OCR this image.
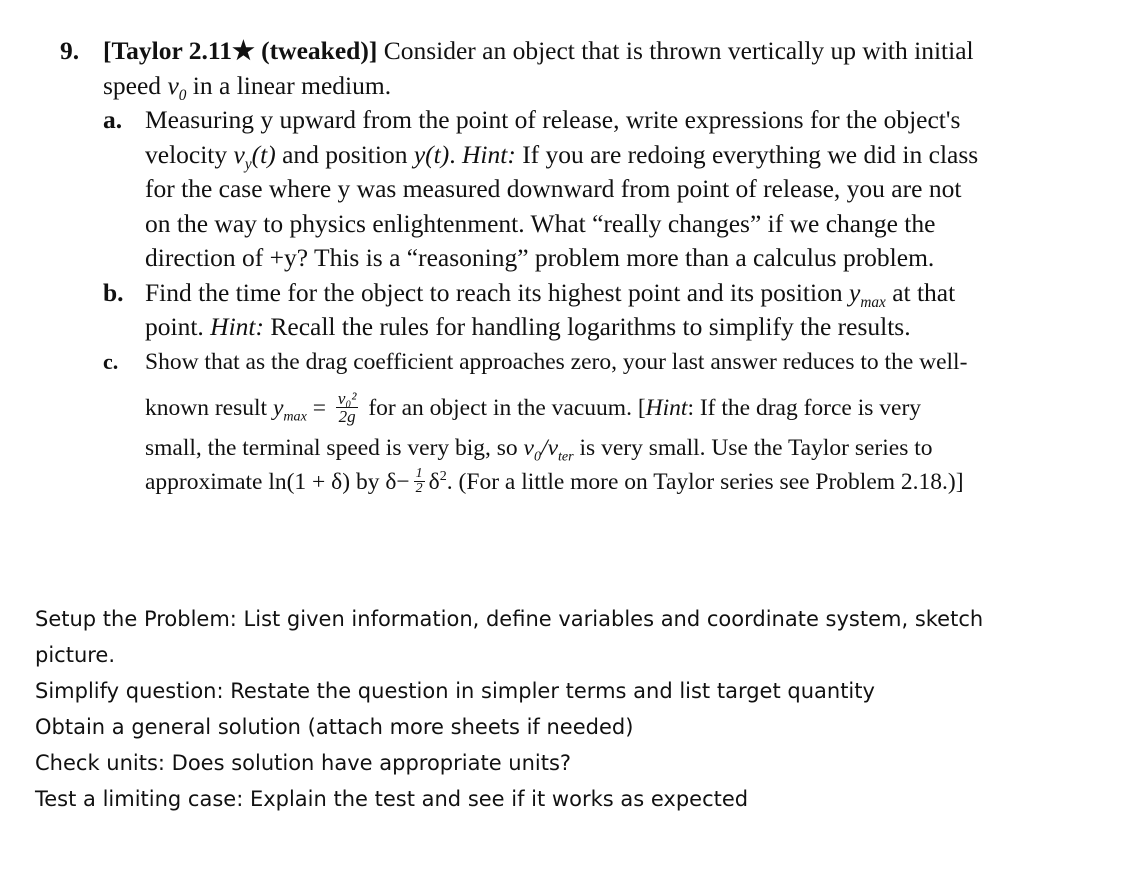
9. [Taylor 2.11★ (tweaked)] Consider an object that is thrown vertically up with initial
speed $v_0$ in a linear medium.
a. Measuring y upward from the point of release, write expressions for the object's
velocity $v_y(t)$ and position y(t). Hint: If you are redoing everything we did in class
for the case where y was measured downward from point of release, you are not
on the way to physics enlightenment. What “really changes” if we change the
direction of +y? This is a “reasoning” problem more than a calculus problem.
b. Find the time for the object to reach its highest point and its position $y_{max}$ at that
point. Hint: Recall the rules for handling logarithms to simplify the results.
c. Show that as the drag coefficient approaches zero, your last answer reduces to the well-
known result $y_{max} = \frac{\text{v₀²}}{2g}$ for an object in the vacuum. [Hint: If the drag force is very
small, the terminal speed is very big, so $v_0/v_{ter}$ is very small. Use the Taylor series to
approximate ln(1 + δ) by $\delta- \frac{1}{2} \delta^2$. (For a little more on Taylor series see Problem 2.18.)]
Setup the Problem: List given information, define variables and coordinate system, sketch
picture.
Simplify question: Restate the question in simpler terms and list target quantity
Obtain a general solution (attach more sheets if needed)
Check units: Does solution have appropriate units?
Test a limiting case: Explain the test and see if it works as expected
